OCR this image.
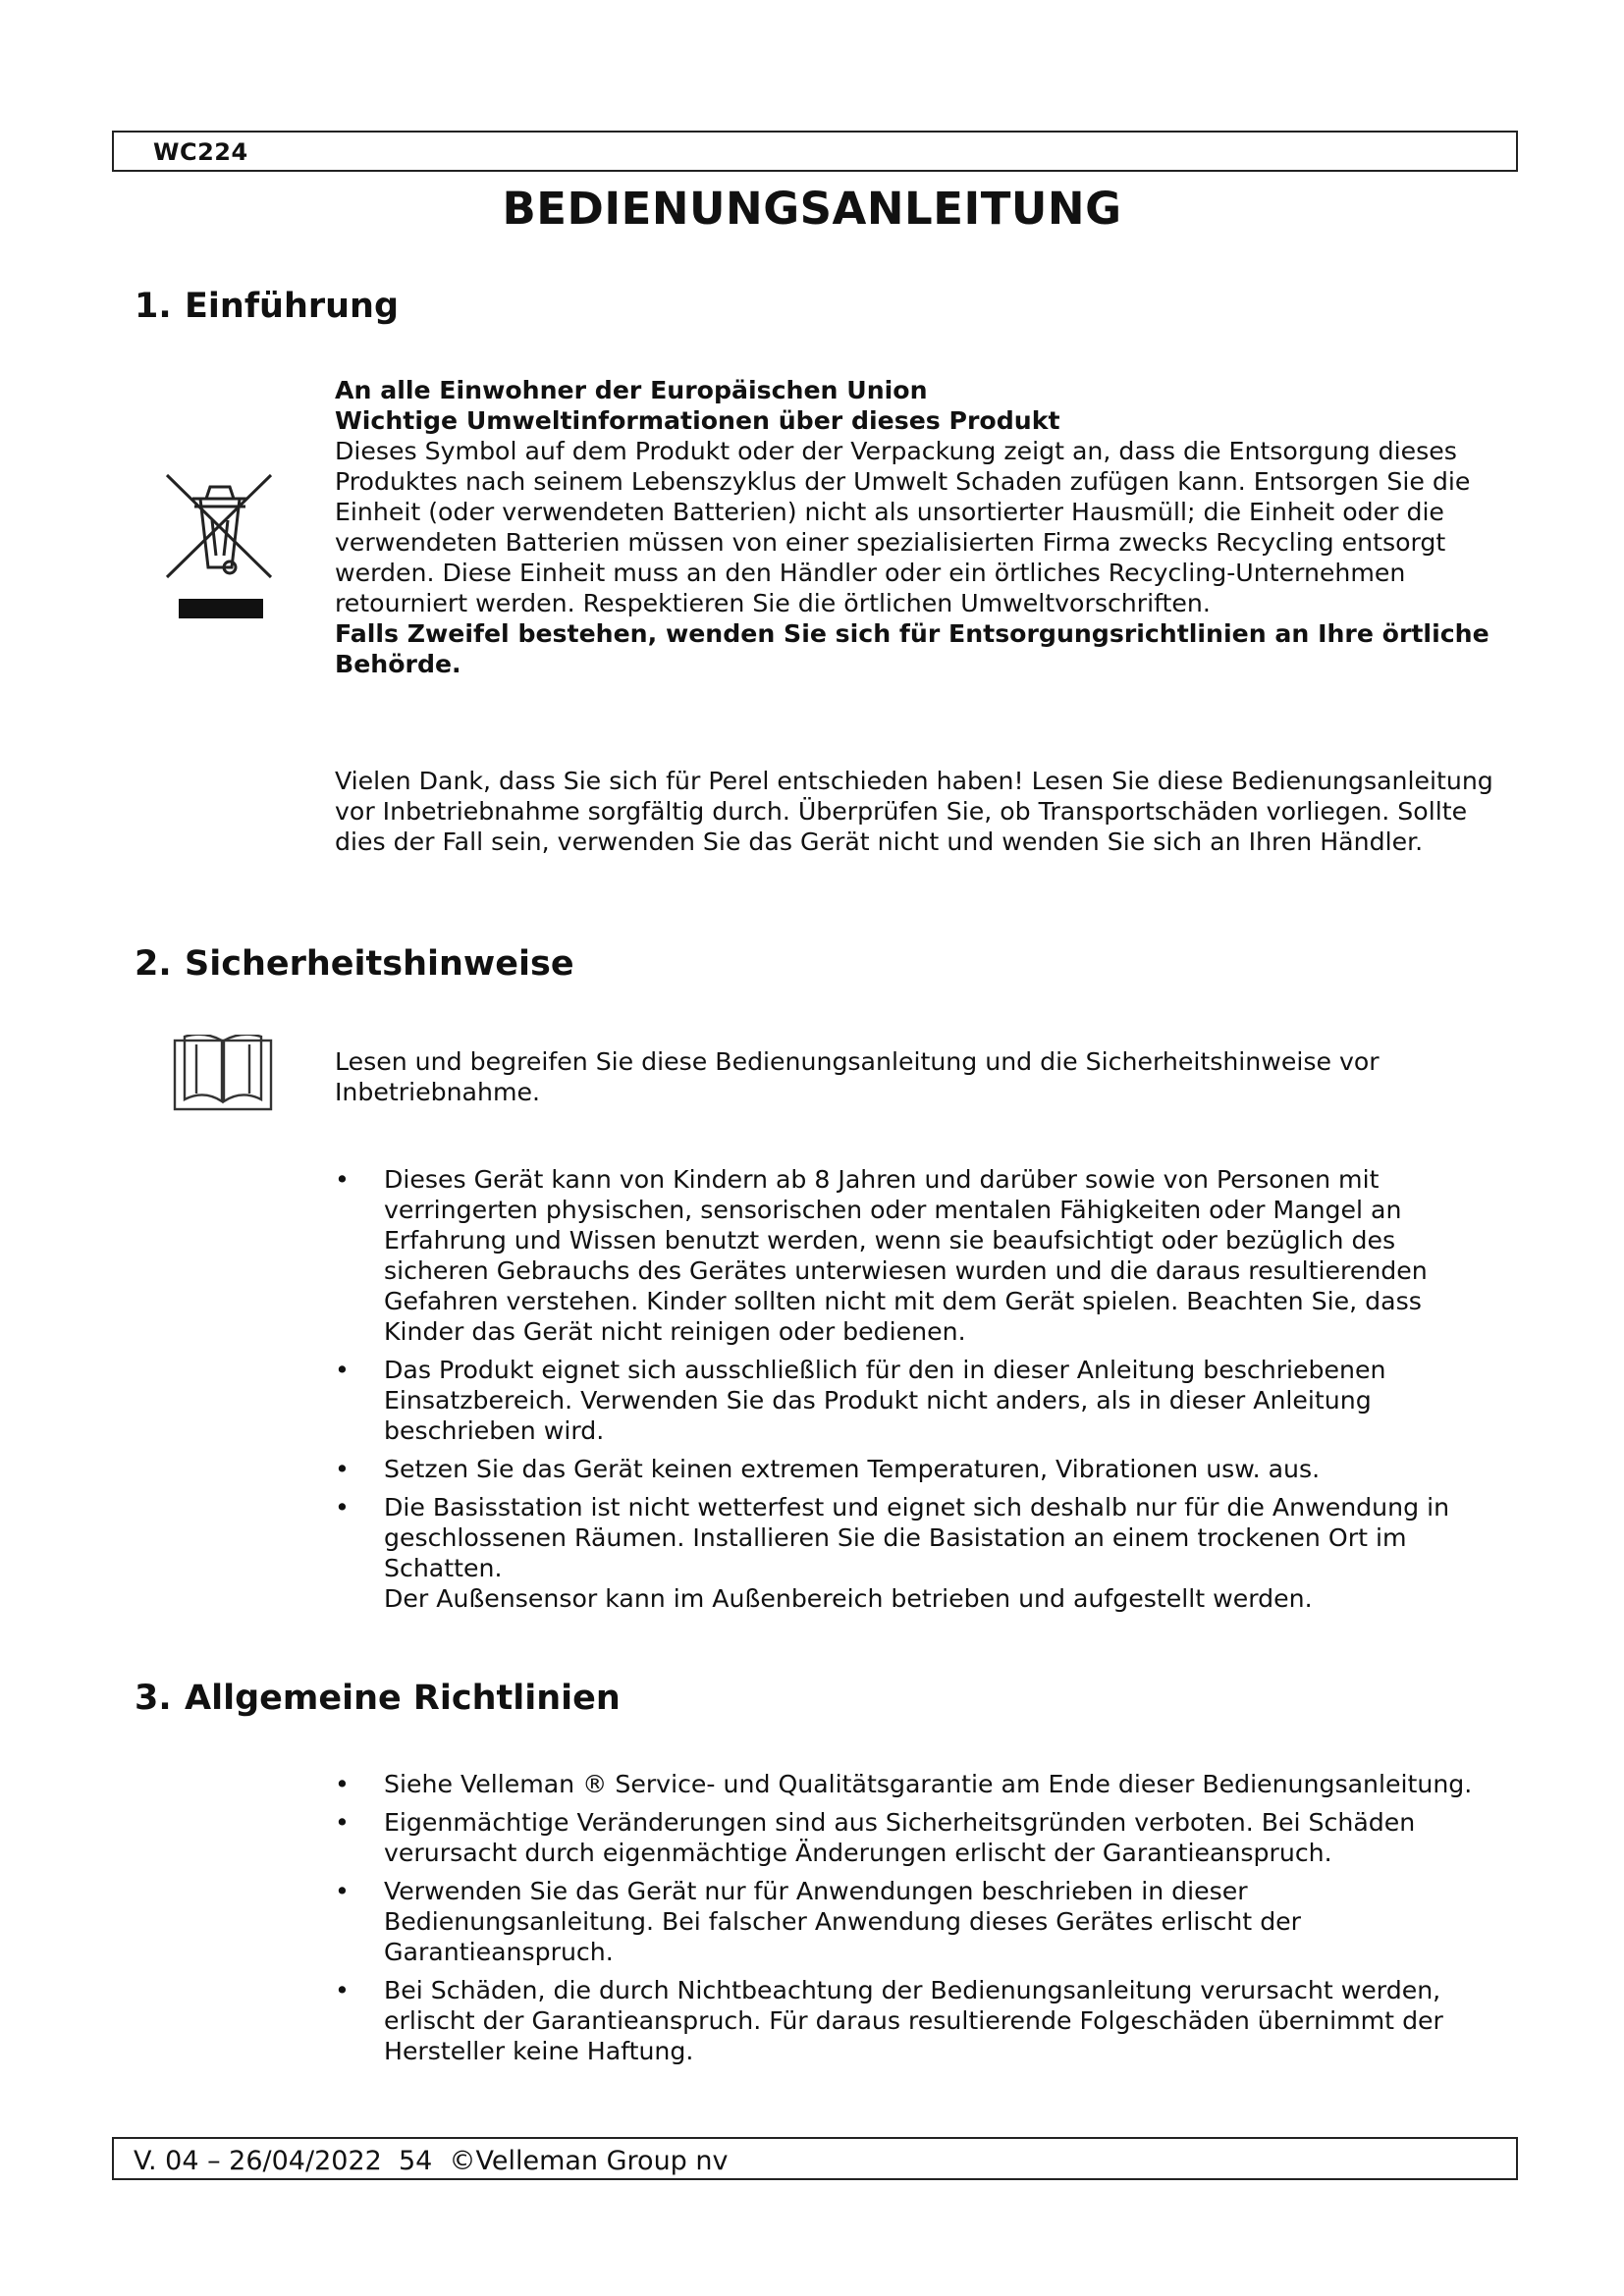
WC224
BEDIENUNGSANLEITUNG
1. Einführung

An alle Einwohner der Europäischen Union

Wichtige Umweltinformationen über dieses Produkt

Dieses Symbol auf dem Produkt oder der Verpackung zeigt an, dass die Entsorgung dieses Produktes nach seinem Lebenszyklus der Umwelt Schaden zufügen kann. Entsorgen Sie die Einheit (oder verwendeten Batterien) nicht als unsortierter Hausmüll; die Einheit oder die verwendeten Batterien müssen von einer spezialisierten Firma zwecks Recycling entsorgt werden. Diese Einheit muss an den Händler oder ein örtliches Recycling-Unternehmen retourniert werden. Respektieren Sie die örtlichen Umweltvorschriften.

Falls Zweifel bestehen, wenden Sie sich für Entsorgungsrichtlinien an Ihre örtliche Behörde.

Vielen Dank, dass Sie sich für Perel entschieden haben! Lesen Sie diese Bedienungsanleitung vor Inbetriebnahme sorgfältig durch. Überprüfen Sie, ob Transportschäden vorliegen. Sollte dies der Fall sein, verwenden Sie das Gerät nicht und wenden Sie sich an Ihren Händler.

2. Sicherheitshinweise

Lesen und begreifen Sie diese Bedienungsanleitung und die Sicherheitshinweise vor Inbetriebnahme.

• Dieses Gerät kann von Kindern ab 8 Jahren und darüber sowie von Personen mit verringerten physischen, sensorischen oder mentalen Fähigkeiten oder Mangel an Erfahrung und Wissen benutzt werden, wenn sie beaufsichtigt oder bezüglich des sicheren Gebrauchs des Gerätes unterwiesen wurden und die daraus resultierenden Gefahren verstehen. Kinder sollten nicht mit dem Gerät spielen. Beachten Sie, dass Kinder das Gerät nicht reinigen oder bedienen.
• Das Produkt eignet sich ausschließlich für den in dieser Anleitung beschriebenen Einsatzbereich. Verwenden Sie das Produkt nicht anders, als in dieser Anleitung beschrieben wird.
• Setzen Sie das Gerät keinen extremen Temperaturen, Vibrationen usw. aus.
• Die Basisstation ist nicht wetterfest und eignet sich deshalb nur für die Anwendung in geschlossenen Räumen. Installieren Sie die Basistation an einem trockenen Ort im Schatten.
Der Außensensor kann im Außenbereich betrieben und aufgestellt werden.
3. Allgemeine Richtlinien
• Siehe Velleman ® Service- und Qualitätsgarantie am Ende dieser Bedienungsanleitung.
• Eigenmächtige Veränderungen sind aus Sicherheitsgründen verboten. Bei Schäden verursacht durch eigenmächtige Änderungen erlischt der Garantieanspruch.
• Verwenden Sie das Gerät nur für Anwendungen beschrieben in dieser Bedienungsanleitung. Bei falscher Anwendung dieses Gerätes erlischt der Garantieanspruch.
• Bei Schäden, die durch Nichtbeachtung der Bedienungsanleitung verursacht werden, erlischt der Garantieanspruch. Für daraus resultierende Folgeschäden übernimmt der Hersteller keine Haftung.
V. 04 – 26/04/2022  54  ©Velleman Group nv
